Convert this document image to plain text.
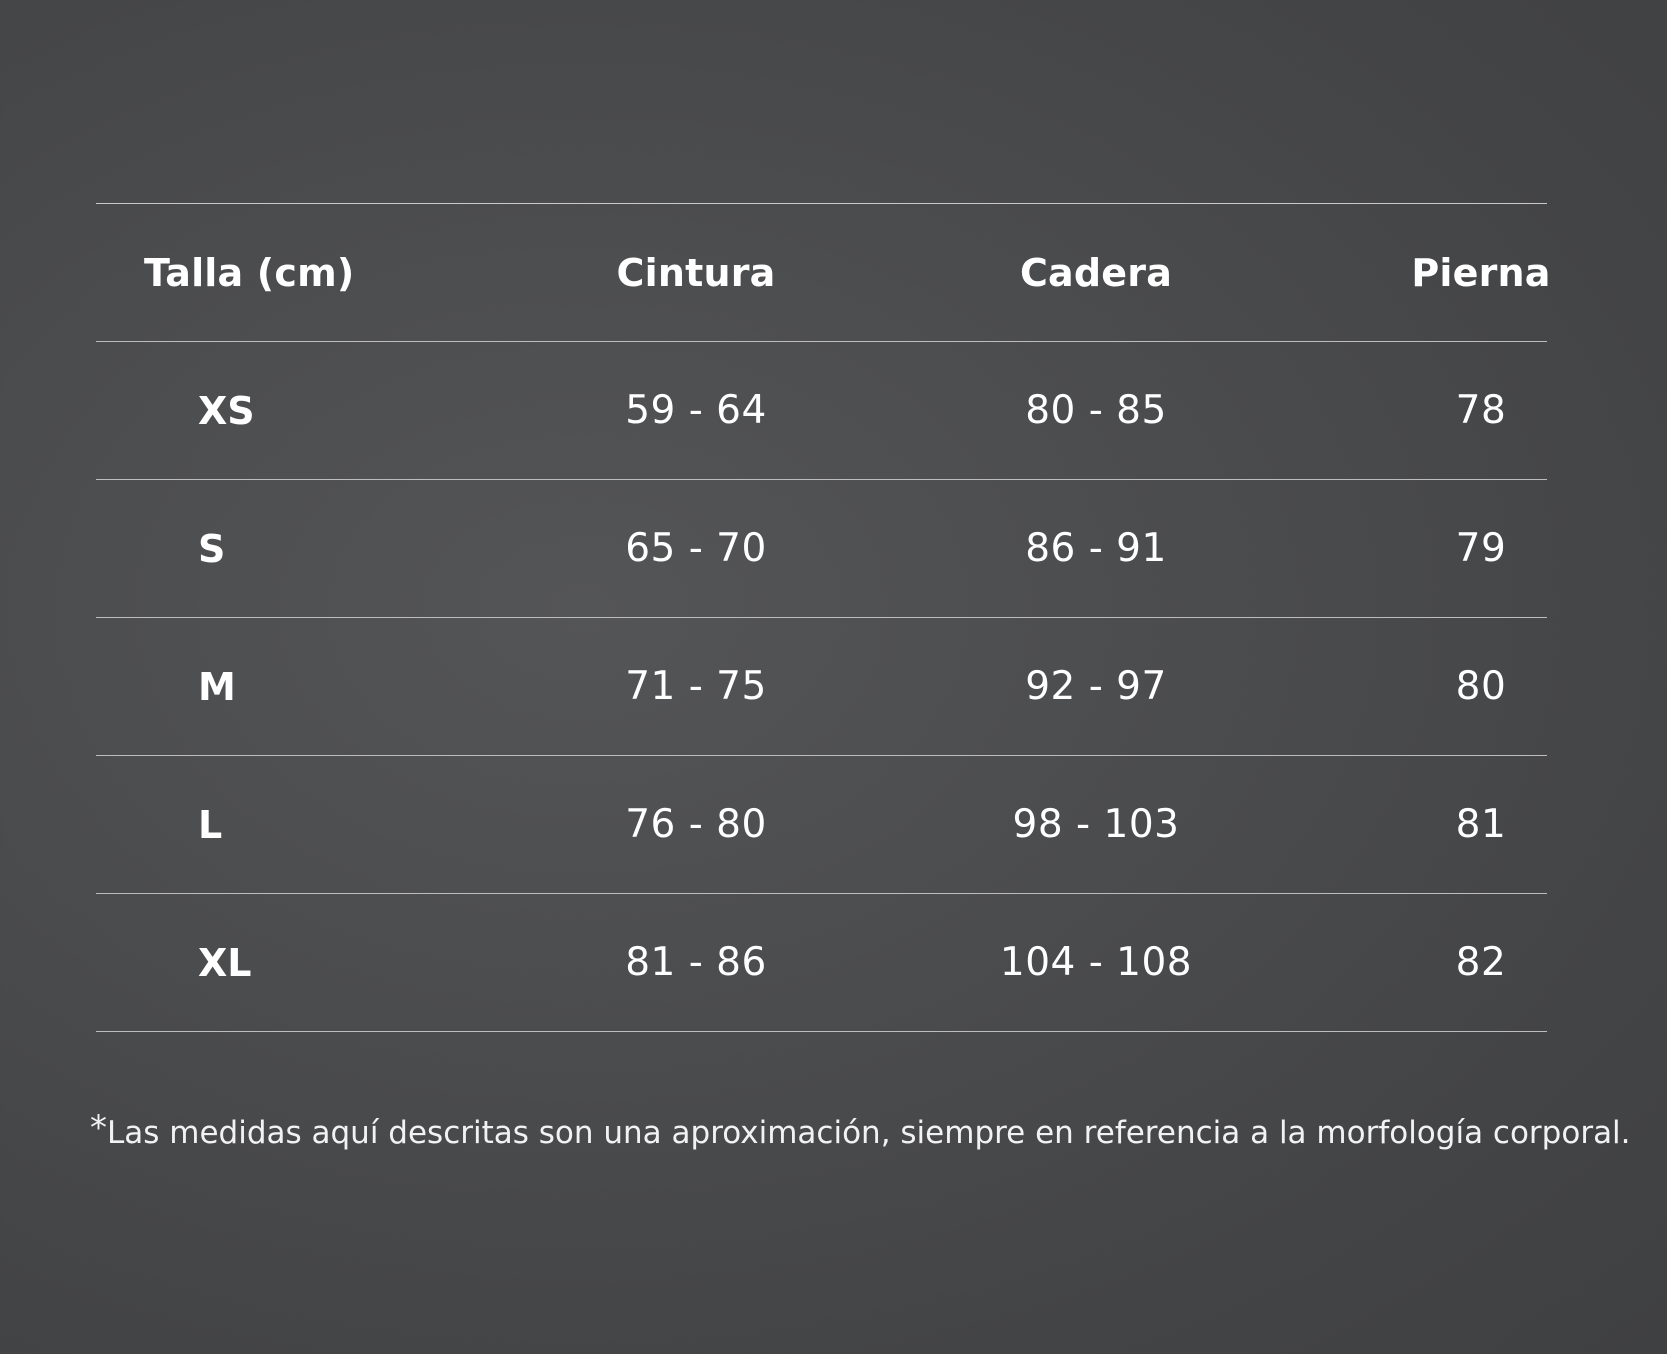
Talla (cm)	Cintura	Cadera	Pierna
XS	59 - 64	80 - 85	78
S	65 - 70	86 - 91	79
M	71 - 75	92 - 97	80
L	76 - 80	98 - 103	81
XL	81 - 86	104 - 108	82
*Las medidas aquí descritas son una aproximación, siempre en referencia a la morfología corporal.
